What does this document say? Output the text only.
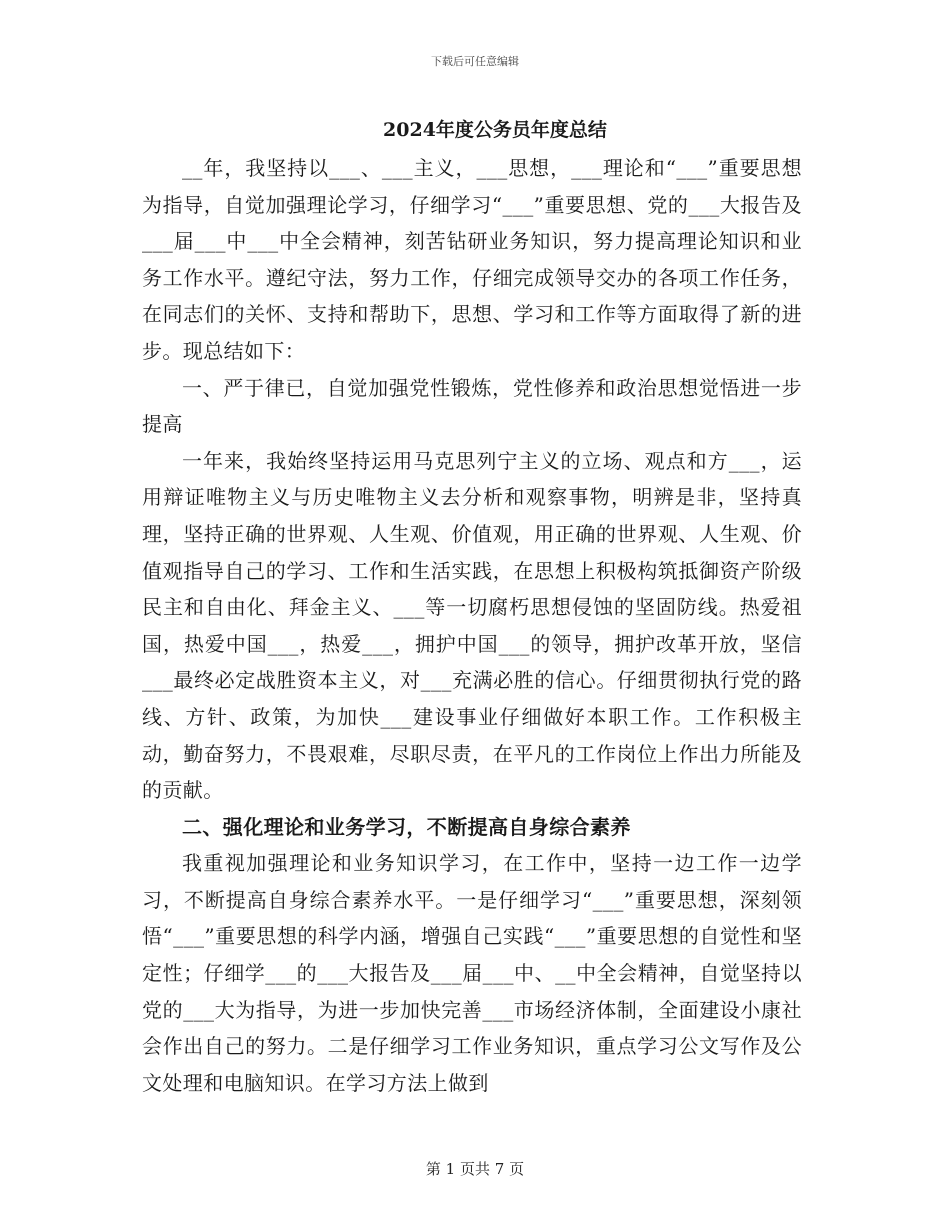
下载后可任意编辑
2024年度公务员年度总结

__年，我坚持以___、___主义，___思想，___理论和“___”重要思想为指导，自觉加强理论学习，仔细学习“___”重要思想、党的___大报告及___届___中___中全会精神，刻苦钻研业务知识，努力提高理论知识和业务工作水平。遵纪守法，努力工作，仔细完成领导交办的各项工作任务，在同志们的关怀、支持和帮助下，思想、学习和工作等方面取得了新的进步。现总结如下：

一、严于律已，自觉加强党性锻炼，党性修养和政治思想觉悟进一步提高

一年来，我始终坚持运用马克思列宁主义的立场、观点和方___，运用辩证唯物主义与历史唯物主义去分析和观察事物，明辨是非，坚持真理，坚持正确的世界观、人生观、价值观，用正确的世界观、人生观、价值观指导自己的学习、工作和生活实践，在思想上积极构筑抵御资产阶级民主和自由化、拜金主义、___等一切腐朽思想侵蚀的坚固防线。热爱祖国，热爱中国___，热爱___，拥护中国___的领导，拥护改革开放，坚信___最终必定战胜资本主义，对___充满必胜的信心。仔细贯彻执行党的路线、方针、政策，为加快___建设事业仔细做好本职工作。工作积极主动，勤奋努力，不畏艰难，尽职尽责，在平凡的工作岗位上作出力所能及的贡献。

二、强化理论和业务学习，不断提高自身综合素养

我重视加强理论和业务知识学习，在工作中，坚持一边工作一边学习，不断提高自身综合素养水平。一是仔细学习“___”重要思想，深刻领悟“___”重要思想的科学内涵，增强自己实践“___”重要思想的自觉性和坚定性；仔细学___的___大报告及___届___中、__中全会精神，自觉坚持以党的___大为指导，为进一步加快完善___市场经济体制，全面建设小康社会作出自己的努力。二是仔细学习工作业务知识，重点学习公文写作及公文处理和电脑知识。在学习方法上做到

第 1 页共 7 页
